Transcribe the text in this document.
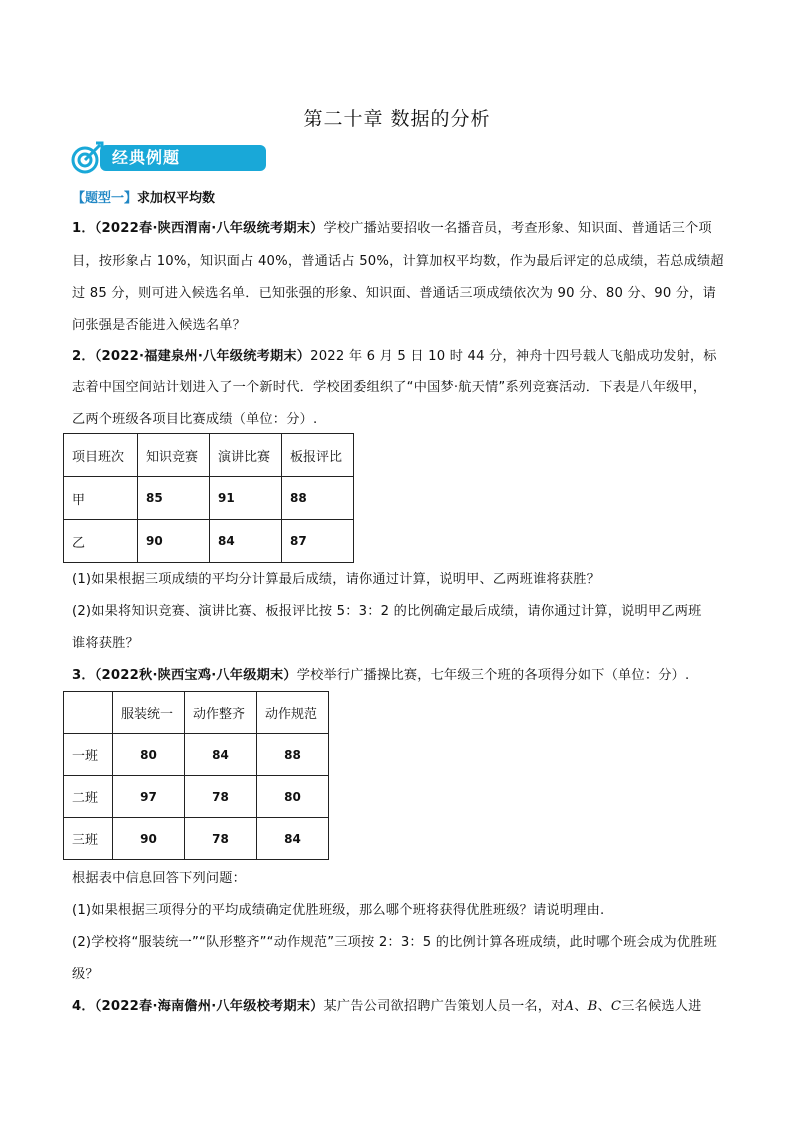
第二十章 数据的分析
经典例题
【题型一】求加权平均数

1．（2022春·陕西渭南·八年级统考期末）学校广播站要招收一名播音员，考查形象、知识面、普通话三个项

目，按形象占 10%，知识面占 40%，普通话占 50%，计算加权平均数，作为最后评定的总成绩，若总成绩超

过 85 分，则可进入候选名单．已知张强的形象、知识面、普通话三项成绩依次为 90 分、80 分、90 分，请

问张强是否能进入候选名单？

2．（2022·福建泉州·八年级统考期末）2022 年 6 月 5 日 10 时 44 分，神舟十四号载人飞船成功发射，标

志着中国空间站计划进入了一个新时代．学校团委组织了“中国梦·航天情”系列竞赛活动．下表是八年级甲，

乙两个班级各项目比赛成绩（单位：分）.

项目班次	知识竞赛	演讲比赛	板报评比
甲	85	91	88
乙	90	84	87

(1)如果根据三项成绩的平均分计算最后成绩，请你通过计算，说明甲、乙两班谁将获胜？

(2)如果将知识竞赛、演讲比赛、板报评比按 5：3：2 的比例确定最后成绩，请你通过计算，说明甲乙两班

谁将获胜？

3．（2022秋·陕西宝鸡·八年级期末）学校举行广播操比赛，七年级三个班的各项得分如下（单位：分）.

	服装统一	动作整齐	动作规范
一班	80	84	88
二班	97	78	80
三班	90	78	84

根据表中信息回答下列问题：

(1)如果根据三项得分的平均成绩确定优胜班级，那么哪个班将获得优胜班级？请说明理由.

(2)学校将“服装统一”“队形整齐”“动作规范”三项按 2：3：5 的比例计算各班成绩，此时哪个班会成为优胜班

级？

4．（2022春·海南儋州·八年级校考期末）某广告公司欲招聘广告策划人员一名，对A、B、C三名候选人进
